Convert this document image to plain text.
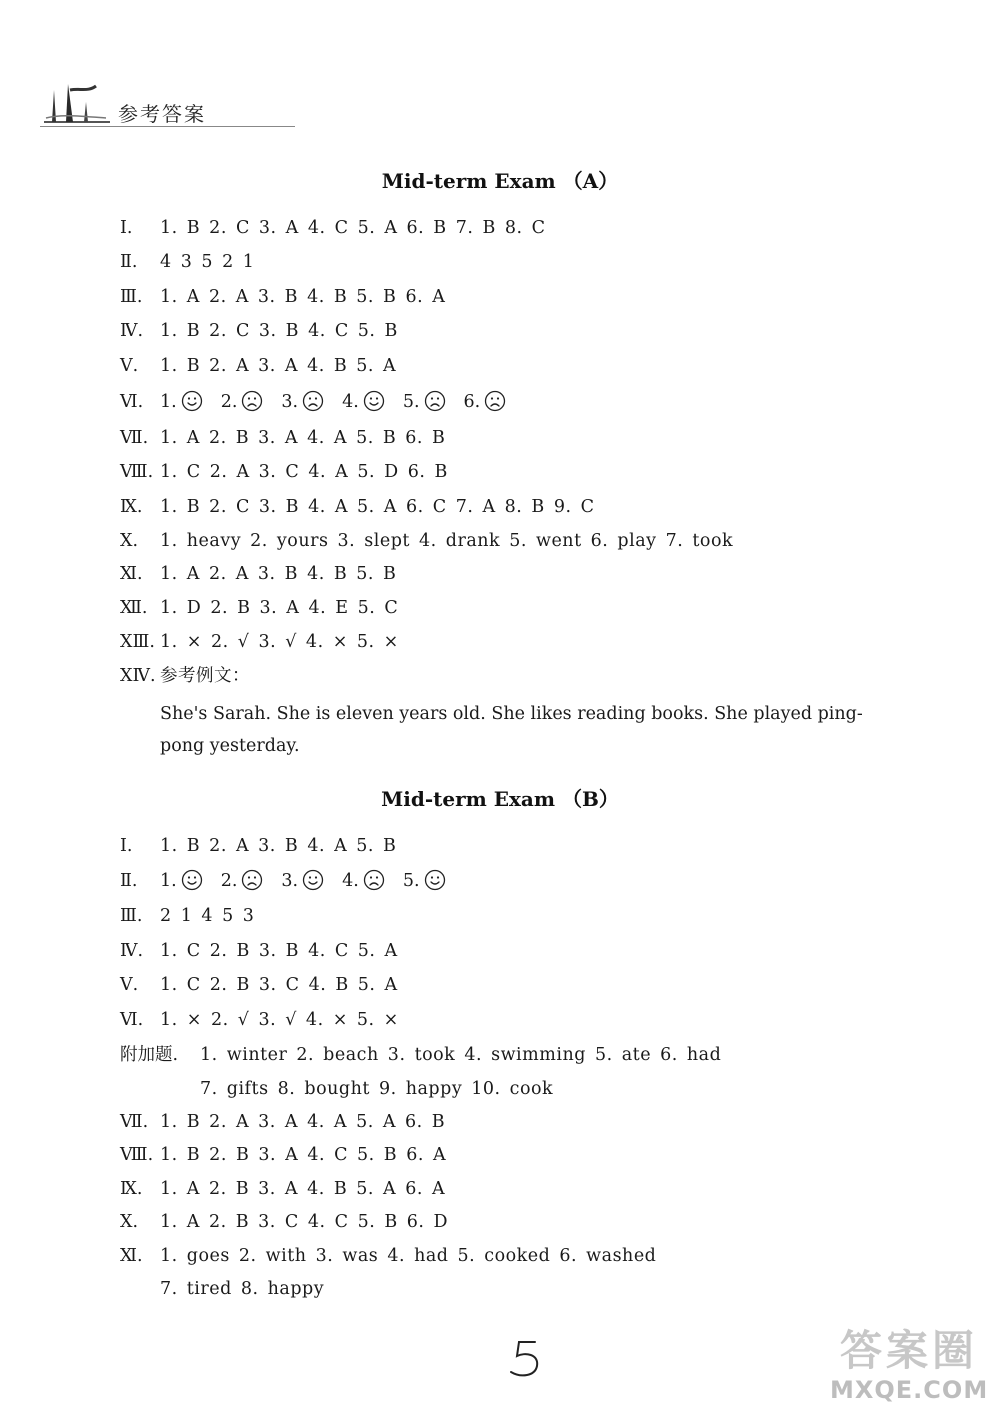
参考答案
Mid-term Exam （A）
Ⅰ. 1. B 2. C 3. A 4. C 5. A 6. B 7. B 8. C
Ⅱ. 4 3 5 2 1
Ⅲ. 1. A 2. A 3. B 4. B 5. B 6. A
Ⅳ. 1. B 2. C 3. B 4. C 5. B
Ⅴ. 1. B 2. A 3. A 4. B 5. A
Ⅵ. 1.	2.	3.	4.	5.	6.
Ⅶ. 1. A 2. B 3. A 4. A 5. B 6. B
Ⅷ. 1. C 2. A 3. C 4. A 5. D 6. B
Ⅸ. 1. B 2. C 3. B 4. A 5. A 6. C 7. A 8. B 9. C
Ⅹ. 1. heavy 2. yours 3. slept 4. drank 5. went 6. play 7. took
Ⅺ. 1. A 2. A 3. B 4. B 5. B
Ⅻ. 1. D 2. B 3. A 4. E 5. C
XⅢ. 1. × 2. √ 3. √ 4. × 5. ×
XⅣ. 参考例文：
She's Sarah. She is eleven years old. She likes reading books. She played ping-pong yesterday.
Mid-term Exam （B）
Ⅰ. 1. B 2. A 3. B 4. A 5. B
Ⅱ. 1.	2.	3.	4.	5.
Ⅲ. 2 1 4 5 3
Ⅳ. 1. C 2. B 3. B 4. C 5. A
Ⅴ. 1. C 2. B 3. C 4. B 5. A
Ⅵ. 1. × 2. √ 3. √ 4. × 5. ×
附加题. 1. winter 2. beach 3. took 4. swimming 5. ate 6. had
7. gifts 8. bought 9. happy 10. cook
Ⅶ. 1. B 2. A 3. A 4. A 5. A 6. B
Ⅷ. 1. B 2. B 3. A 4. C 5. B 6. A
Ⅸ. 1. A 2. B 3. A 4. B 5. A 6. A
Ⅹ. 1. A 2. B 3. C 4. C 5. B 6. D
Ⅺ. 1. goes 2. with 3. was 4. had 5. cooked 6. washed
7. tired 8. happy
答案圈
MXQE.COM
